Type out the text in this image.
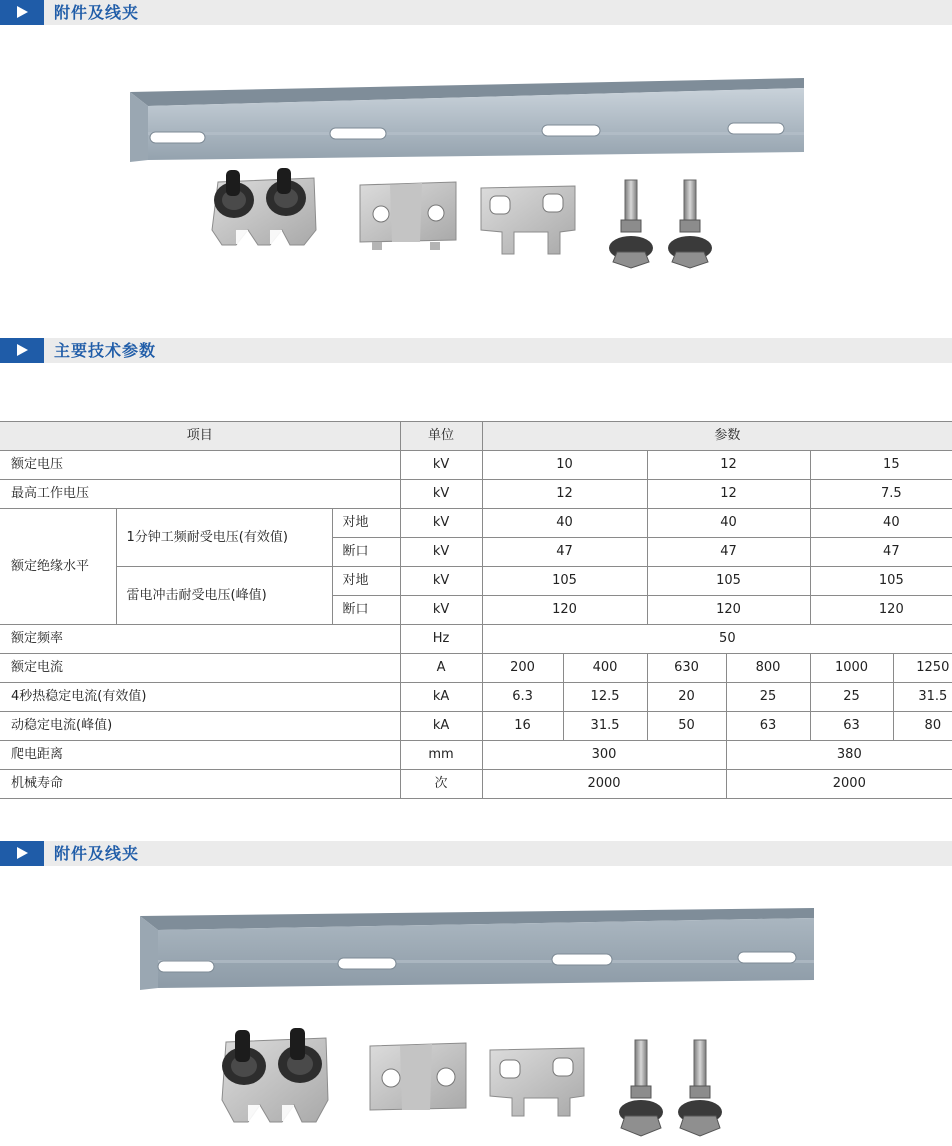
附件及线夹
主要技术参数
项目			单位	参数					
额定电压			kV	10		12		15	
最高工作电压			kV	12		12		7.5	
额定绝缘水平	1分钟工频耐受电压(有效值)	对地	kV	40		40		40	
		断口	kV	47		47		47	
	雷电冲击耐受电压(峰值)	对地	kV	105		105		105	
		断口	kV	120		120		120	
额定频率			Hz	50					
额定电流			A	200	400	630	800	1000	1250
4秒热稳定电流(有效值)			kA	6.3	12.5	20	25	25	31.5
动稳定电流(峰值)			kA	16	31.5	50	63	63	80
爬电距离			mm	300			380		
机械寿命			次	2000			2000		
附件及线夹
